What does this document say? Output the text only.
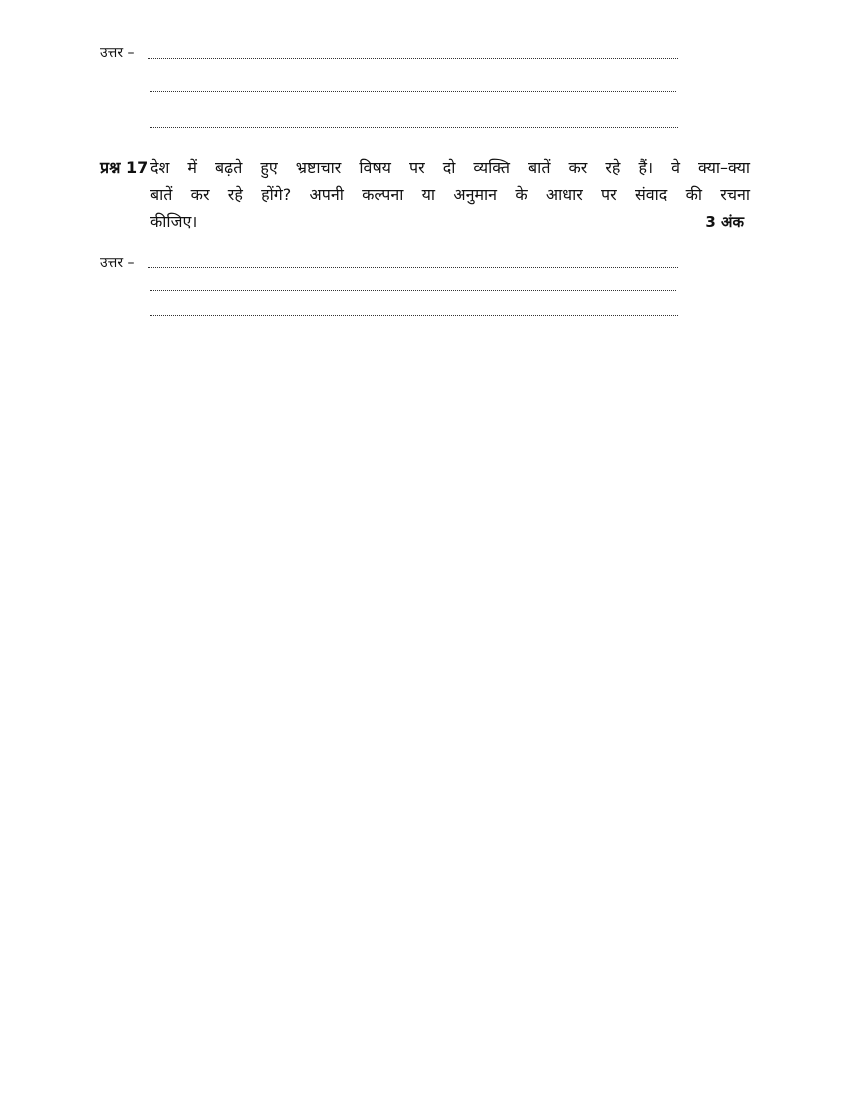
उत्तर –
प्रश्न 17 देश में बढ़ते हुए भ्रष्टाचार विषय पर दो व्यक्ति बातें कर रहे हैं। वे क्या–क्या
बातें कर रहे होंगे? अपनी कल्पना या अनुमान के आधार पर संवाद की रचना
कीजिए।	3 अंक
उत्तर –
